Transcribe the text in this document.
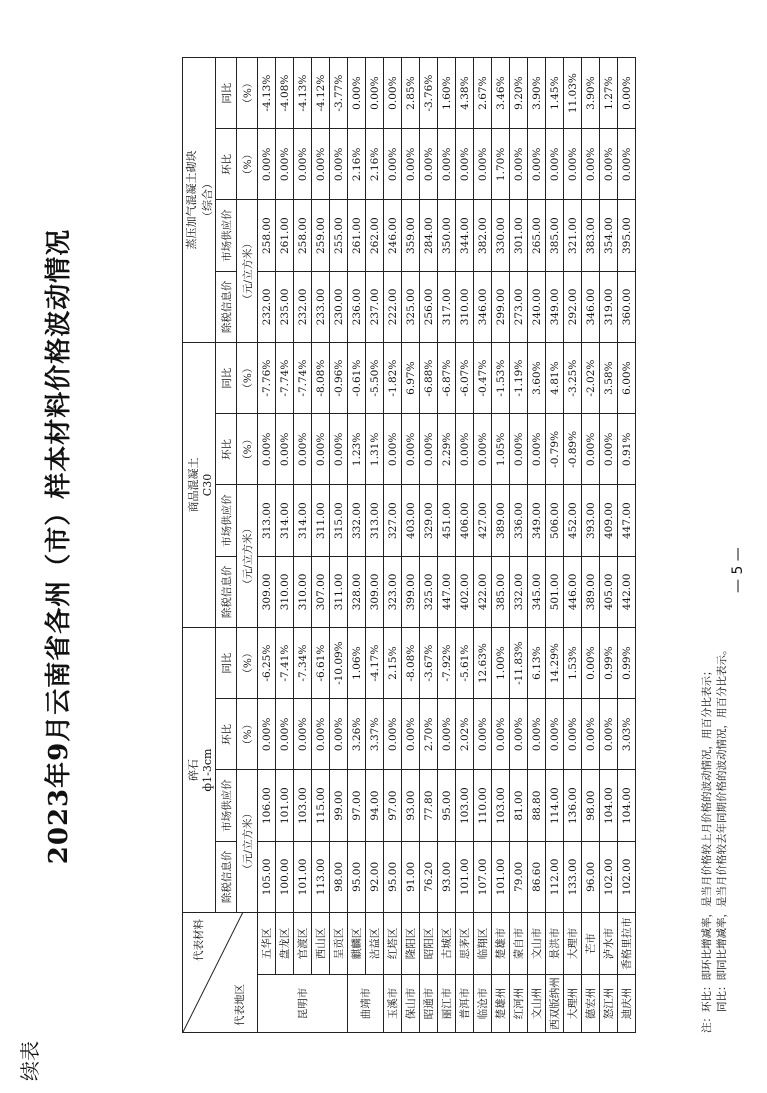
续表
2023年9月云南省各州（市）样本材料价格波动情况
代表材料
代表地区		碎石
ф1-3cm				商品混凝土
C30				蒸压加气混凝土砌块 （综合）			
		除税信息价	市场供应价	环比	同比	除税信息价	市场供应价	环比	同比	除税信息价	市场供应价	环比	同比
		（元/立方米）		（%）	（%）	（元/立方米）		（%）	（%）	（元/立方米）		（%）	（%）
昆明市	五华区	105.00	106.00	0.00%	-6.25%	309.00	313.00	0.00%	-7.76%	232.00	258.00	0.00%	-4.13%
	盘龙区	100.00	101.00	0.00%	-7.41%	310.00	314.00	0.00%	-7.74%	235.00	261.00	0.00%	-4.08%
	官渡区	101.00	103.00	0.00%	-7.34%	310.00	314.00	0.00%	-7.74%	232.00	258.00	0.00%	-4.13%
	西山区	113.00	115.00	0.00%	-6.61%	307.00	311.00	0.00%	-8.08%	233.00	259.00	0.00%	-4.12%
	呈贡区	98.00	99.00	0.00%	-10.09%	311.00	315.00	0.00%	-0.96%	230.00	255.00	0.00%	-3.77%
曲靖市	麒麟区	95.00	97.00	3.26%	1.06%	328.00	332.00	1.23%	-0.61%	236.00	261.00	2.16%	0.00%
	沾益区	92.00	94.00	3.37%	-4.17%	309.00	313.00	1.31%	-5.50%	237.00	262.00	2.16%	0.00%
玉溪市	红塔区	95.00	97.00	0.00%	2.15%	323.00	327.00	0.00%	-1.82%	222.00	246.00	0.00%	0.00%
保山市	隆阳区	91.00	93.00	0.00%	-8.08%	399.00	403.00	0.00%	6.97%	325.00	359.00	0.00%	2.85%
昭通市	昭阳区	76.20	77.80	2.70%	-3.67%	325.00	329.00	0.00%	-6.88%	256.00	284.00	0.00%	-3.76%
丽江市	古城区	93.00	95.00	0.00%	-7.92%	447.00	451.00	2.29%	-6.87%	317.00	350.00	0.00%	1.60%
普洱市	思茅区	101.00	103.00	2.02%	-5.61%	402.00	406.00	0.00%	-6.07%	310.00	344.00	0.00%	4.38%
临沧市	临翔区	107.00	110.00	0.00%	12.63%	422.00	427.00	0.00%	-0.47%	346.00	382.00	0.00%	2.67%
楚雄州	楚雄市	101.00	103.00	0.00%	1.00%	385.00	389.00	1.05%	-1.53%	299.00	330.00	1.70%	3.46%
红河州	蒙自市	79.00	81.00	0.00%	-11.83%	332.00	336.00	0.00%	-1.19%	273.00	301.00	0.00%	9.20%
文山州	文山市	86.60	88.80	0.00%	6.13%	345.00	349.00	0.00%	3.60%	240.00	265.00	0.00%	3.90%
西双版纳州	景洪市	112.00	114.00	0.00%	14.29%	501.00	506.00	-0.79%	4.81%	349.00	385.00	0.00%	1.45%
大理州	大理市	133.00	136.00	0.00%	1.53%	446.00	452.00	-0.89%	-3.25%	292.00	321.00	0.00%	11.03%
德宏州	芒市	96.00	98.00	0.00%	0.00%	389.00	393.00	0.00%	-2.02%	346.00	383.00	0.00%	3.90%
怒江州	泸水市	102.00	104.00	0.00%	0.99%	405.00	409.00	0.00%	3.58%	319.00	354.00	0.00%	1.27%
迪庆州	香格里拉市	102.00	104.00	3.03%	0.99%	442.00	447.00	0.91%	6.00%	360.00	395.00	0.00%	0.00%
注：环比：即环比增减率，是当月价格较上月价格的波动情况，用百分比表示； 　　同比：即同比增减率，是当月价格较去年同期价格的波动情况，用百分比表示。
— 5 —
